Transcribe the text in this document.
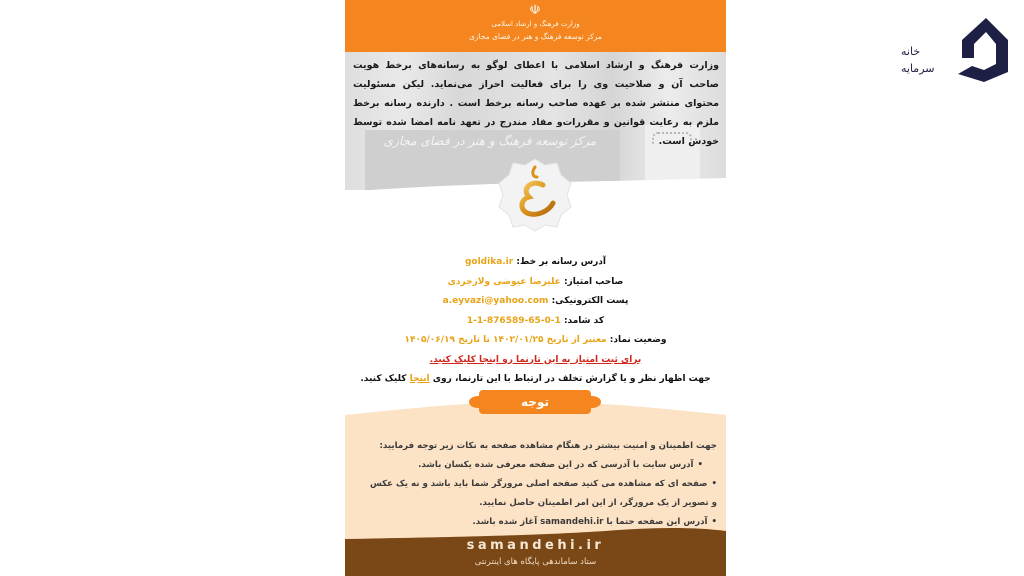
مرکز توسعه فرهنگ و هنر در فضای مجازی
☫
وزارت فرهنگ و ارشاد اسلامی
مرکز توسعه فرهنگ و هنر در فضای مجازی
وزارت فرهنگ و ارشاد اسلامی با اعطای لوگو به رسانه‌های برخط هویت صاحب آن و صلاحیت وی را برای فعالیت احراز می‌نماید. لیکن مسئولیت محتوای منتشر شده بر عهده صاحب رسانه برخط است . دارنده رسانه برخط ملزم به رعایت قوانین و مقررات‌و مفاد مندرج در تعهد نامه امضا شده توسط خودش است.
آدرس رسانه بر خط: goldika.ir
صاحب امتیاز: علیرضا عیوضی ولازجردی
پست الکترونیکی: a.eyvazi@yahoo.com
کد شامد: 1-0-65-876589-1-1
وضعیت نماد: معتبر از تاریخ ۱۴۰۲/۰۱/۲۵ تا تاریخ ۱۴۰۵/۰۶/۱۹
برای ثبت امتیاز به این تارنما رو اینجا کلیک کنید.
جهت اظهار نظر و یا گزارش تخلف در ارتباط با این تارنما، روی اینجا کلیک کنید.
توجه
جهت اطمینان و امنیت بیشتر در هنگام مشاهده صفحه به نکات زیر توجه فرمایید:
•آدرس سایت با آدرسی که در این صفحه معرفی شده یکسان باشد.
•صفحه ای که مشاهده می کنید صفحه اصلی مرورگر شما باید باشد و نه یک عکس
و تصویر از یک مرورگر، از این امر اطمینان حاصل نمایید.
•آدرس این صفحه حتما با samandehi.ir آغاز شده باشد.
samandehi.ir
ستاد ساماندهی پایگاه های اینترنتی
خانه
سرمایه
